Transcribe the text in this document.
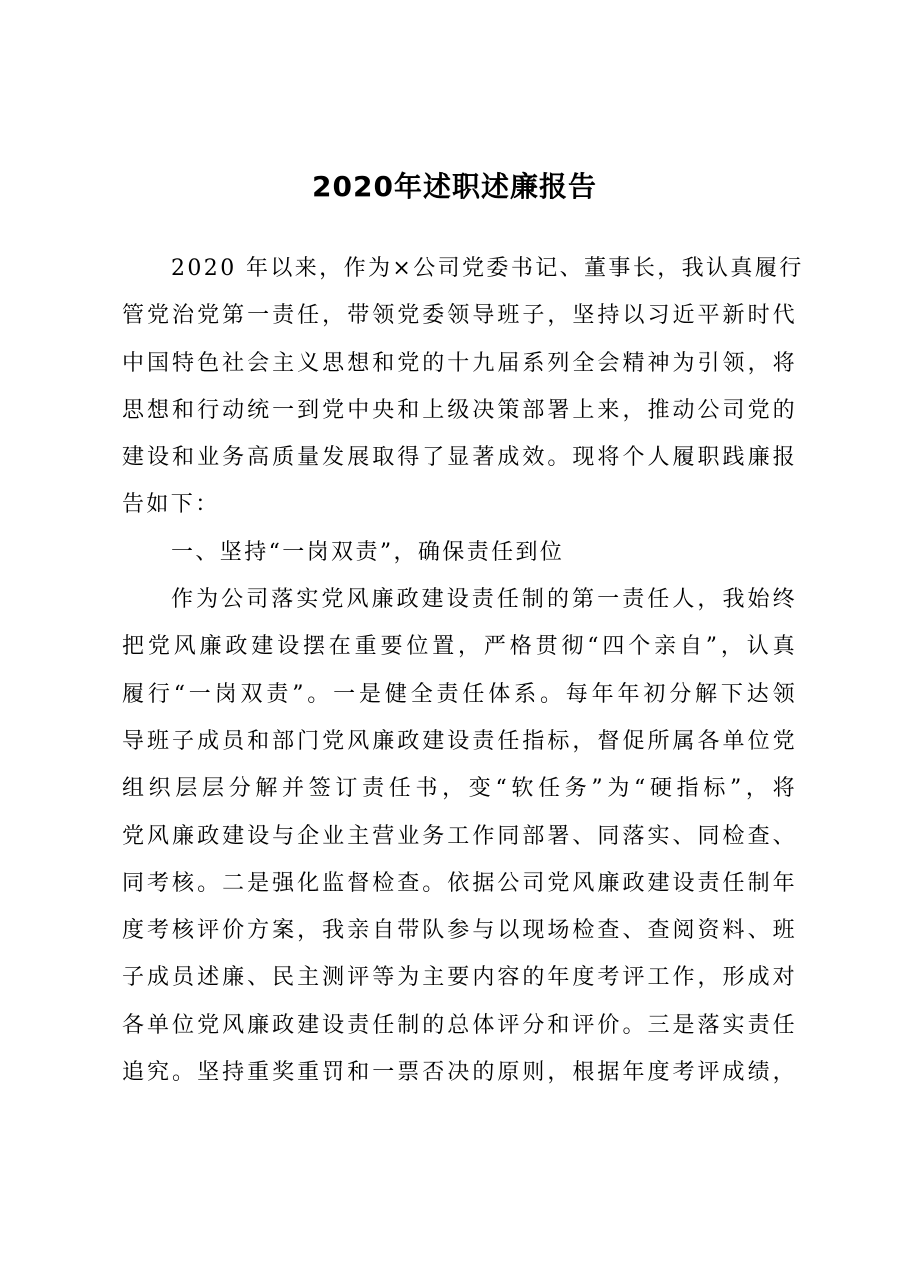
2020年述职述廉报告
2020 年以来，作为×公司党委书记、董事长，我认真履行
管党治党第一责任，带领党委领导班子，坚持以习近平新时代
中国特色社会主义思想和党的十九届系列全会精神为引领，将
思想和行动统一到党中央和上级决策部署上来，推动公司党的
建设和业务高质量发展取得了显著成效。现将个人履职践廉报
告如下：
一、坚持“一岗双责”，确保责任到位
作为公司落实党风廉政建设责任制的第一责任人，我始终
把党风廉政建设摆在重要位置，严格贯彻“四个亲自”，认真
履行“一岗双责”。一是健全责任体系。每年年初分解下达领
导班子成员和部门党风廉政建设责任指标，督促所属各单位党
组织层层分解并签订责任书，变“软任务”为“硬指标”，将
党风廉政建设与企业主营业务工作同部署、同落实、同检查、
同考核。二是强化监督检查。依据公司党风廉政建设责任制年
度考核评价方案，我亲自带队参与以现场检查、查阅资料、班
子成员述廉、民主测评等为主要内容的年度考评工作，形成对
各单位党风廉政建设责任制的总体评分和评价。三是落实责任
追究。坚持重奖重罚和一票否决的原则，根据年度考评成绩，
